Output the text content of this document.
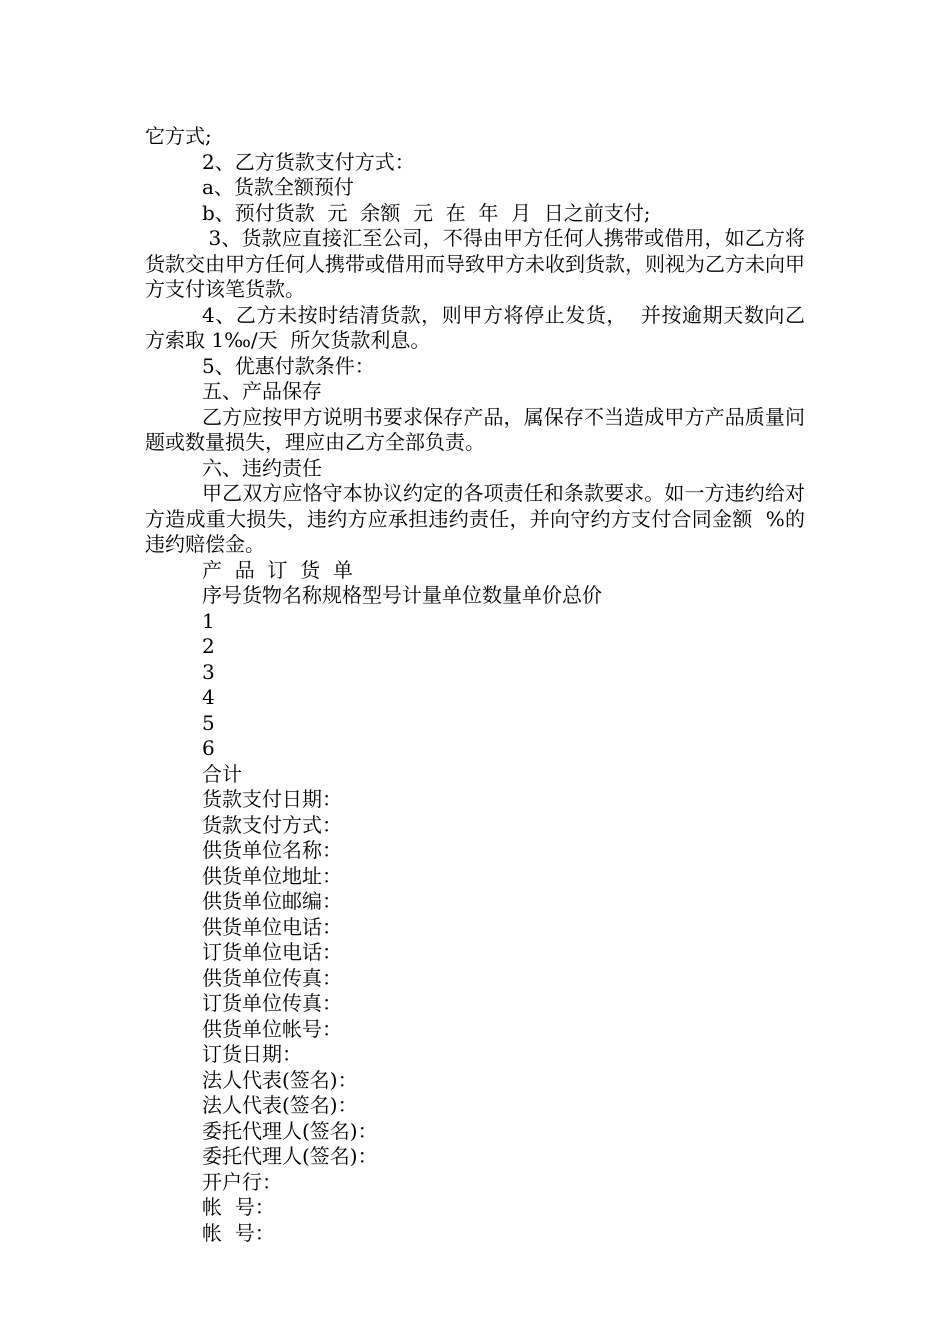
它方式;

2、乙方货款支付方式：

a、货款全额预付

b、预付货款  元  余额  元  在  年  月  日之前支付;

3、货款应直接汇至公司，不得由甲方任何人携带或借用，如乙方将货款交由甲方任何人携带或借用而导致甲方未收到货款，则视为乙方未向甲方支付该笔货款。

4、乙方未按时结清货款，则甲方将停止发货，  并按逾期天数向乙方索取 1‰/天  所欠货款利息。

5、优惠付款条件：

五、产品保存

乙方应按甲方说明书要求保存产品，属保存不当造成甲方产品质量问题或数量损失，理应由乙方全部负责。

六、违约责任

甲乙双方应恪守本协议约定的各项责任和条款要求。如一方违约给对方造成重大损失，违约方应承担违约责任，并向守约方支付合同金额  %的违约赔偿金。

产  品  订  货  单

序号货物名称规格型号计量单位数量单价总价

1

2

3

4

5

6

合计

货款支付日期：

货款支付方式：

供货单位名称：

供货单位地址：

供货单位邮编：

供货单位电话：

订货单位电话：

供货单位传真：

订货单位传真：

供货单位帐号：

订货日期：

法人代表(签名)：

法人代表(签名)：

委托代理人(签名)：

委托代理人(签名)：

开户行：

帐  号：

帐  号：
